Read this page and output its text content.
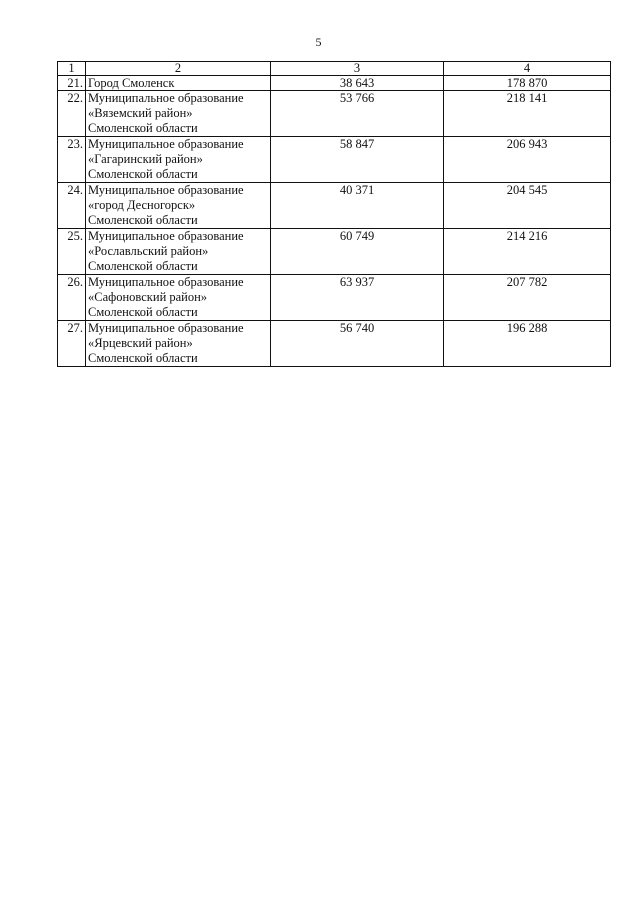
5
1	2	3	4
21.	Город Смоленск	38 643	178 870
22.	Муниципальное образование
«Вяземский район»
Смоленской области	53 766	218 141
23.	Муниципальное образование
«Гагаринский район»
Смоленской области	58 847	206 943
24.	Муниципальное образование
«город Десногорск»
Смоленской области	40 371	204 545
25.	Муниципальное образование
«Рославльский район»
Смоленской области	60 749	214 216
26.	Муниципальное образование
«Сафоновский район»
Смоленской области	63 937	207 782
27.	Муниципальное образование
«Ярцевский район»
Смоленской области	56 740	196 288
